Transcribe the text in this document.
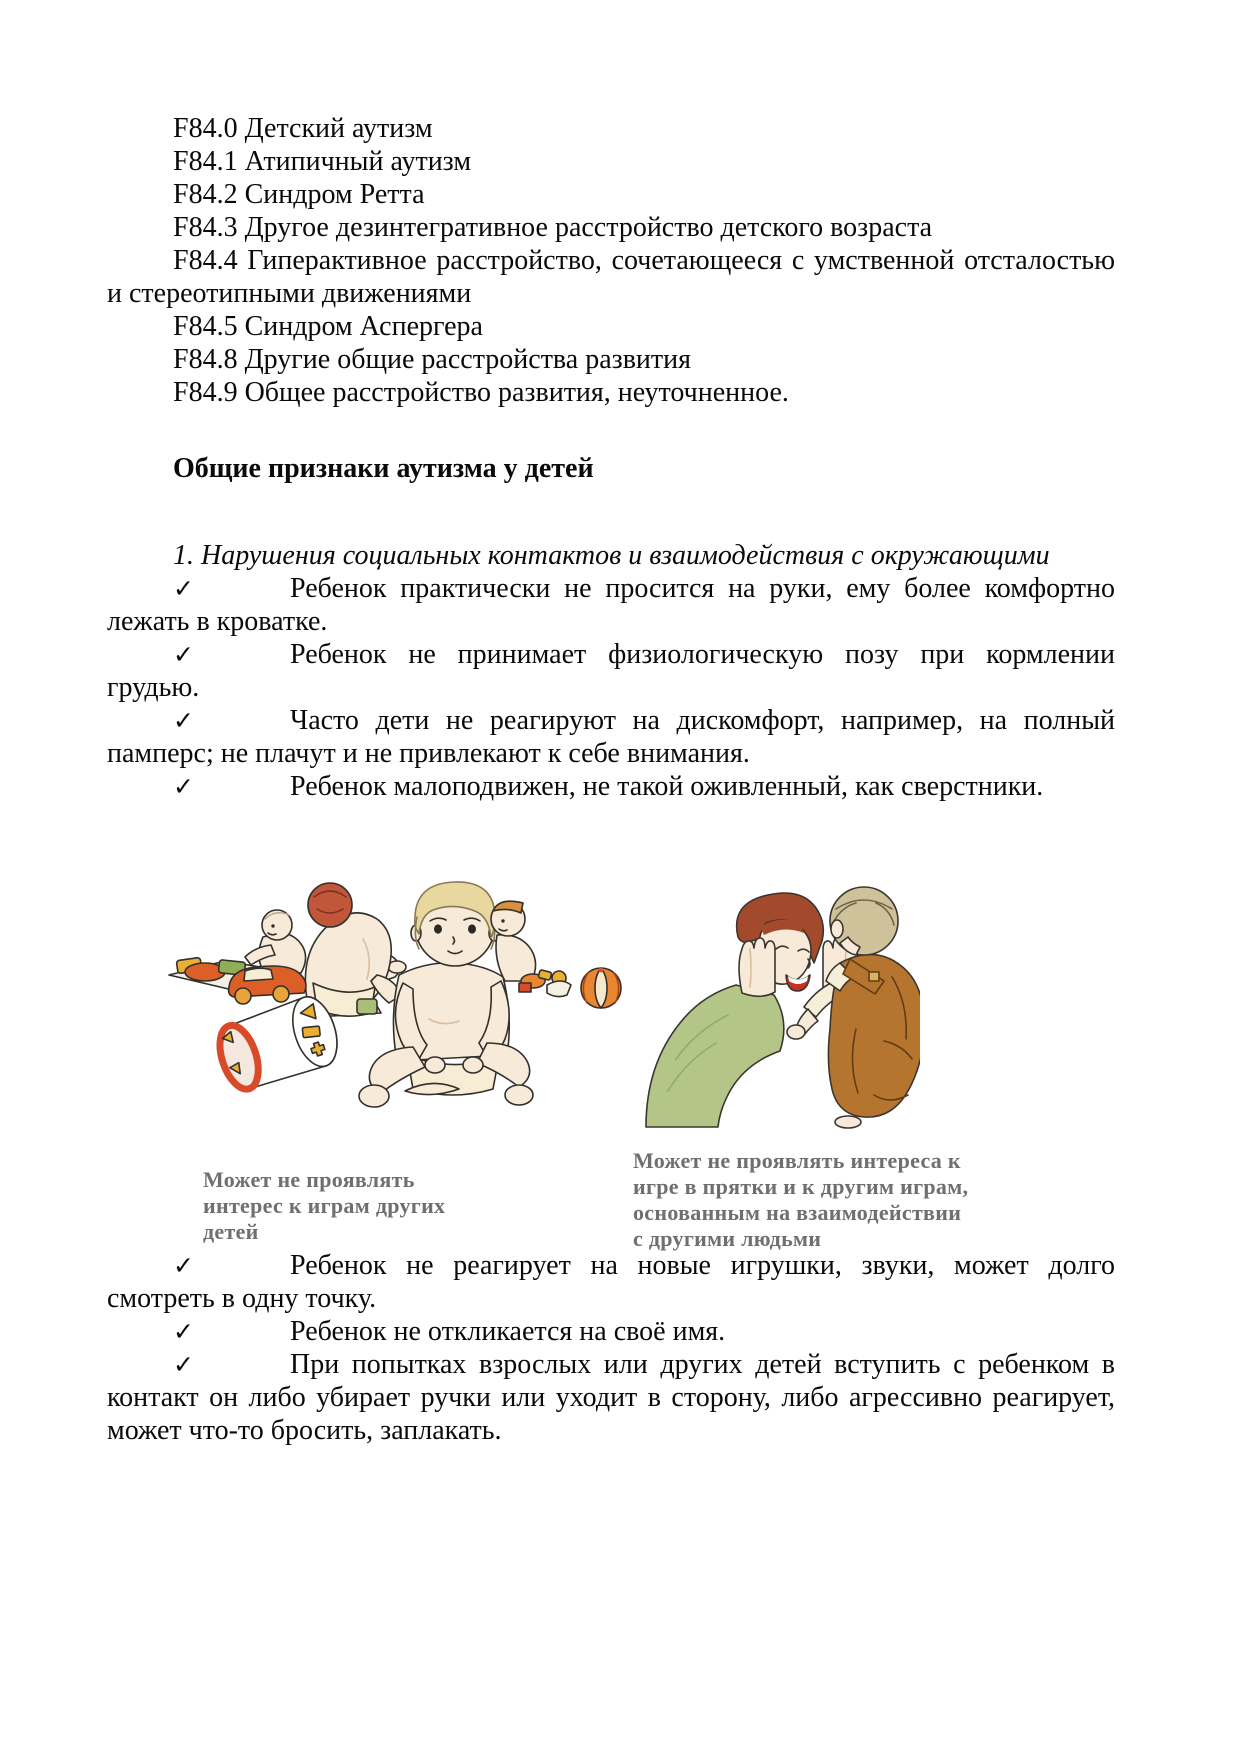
F84.0 Детский аутизм

F84.1 Атипичный аутизм

F84.2 Синдром Ретта

F84.3 Другое дезинтегративное расстройство детского возраста

F84.4 Гиперактивное расстройство, сочетающееся с умственной отсталостью и стереотипными движениями

F84.5 Синдром Аспергера

F84.8 Другие общие расстройства развития

F84.9 Общее расстройство развития, неуточненное.

Общие признаки аутизма у детей

1. Нарушения социальных контактов и взаимодействия с окружающими

✓	Ребенок практически не просится на руки, ему более комфортно лежать в кроватке.

✓	Ребенок не принимает физиологическую позу при кормлении грудью.

✓	Часто дети не реагируют на дискомфорт, например, на полный памперс; не плачут и не привлекают к себе внимания.

✓	Ребенок малоподвижен, не такой оживленный, как сверстники.

Может не проявлять
интерес к играм других
детей
Может не проявлять интереса к
игре в прятки и к другим играм,
основанным на взаимодействии
с другими людьми

✓	Ребенок не реагирует на новые игрушки, звуки, может долго смотреть в одну точку.

✓	Ребенок не откликается на своё имя.

✓	При попытках взрослых или других детей вступить с ребенком в контакт он либо убирает ручки или уходит в сторону, либо агрессивно реагирует, может что-то бросить, заплакать.
